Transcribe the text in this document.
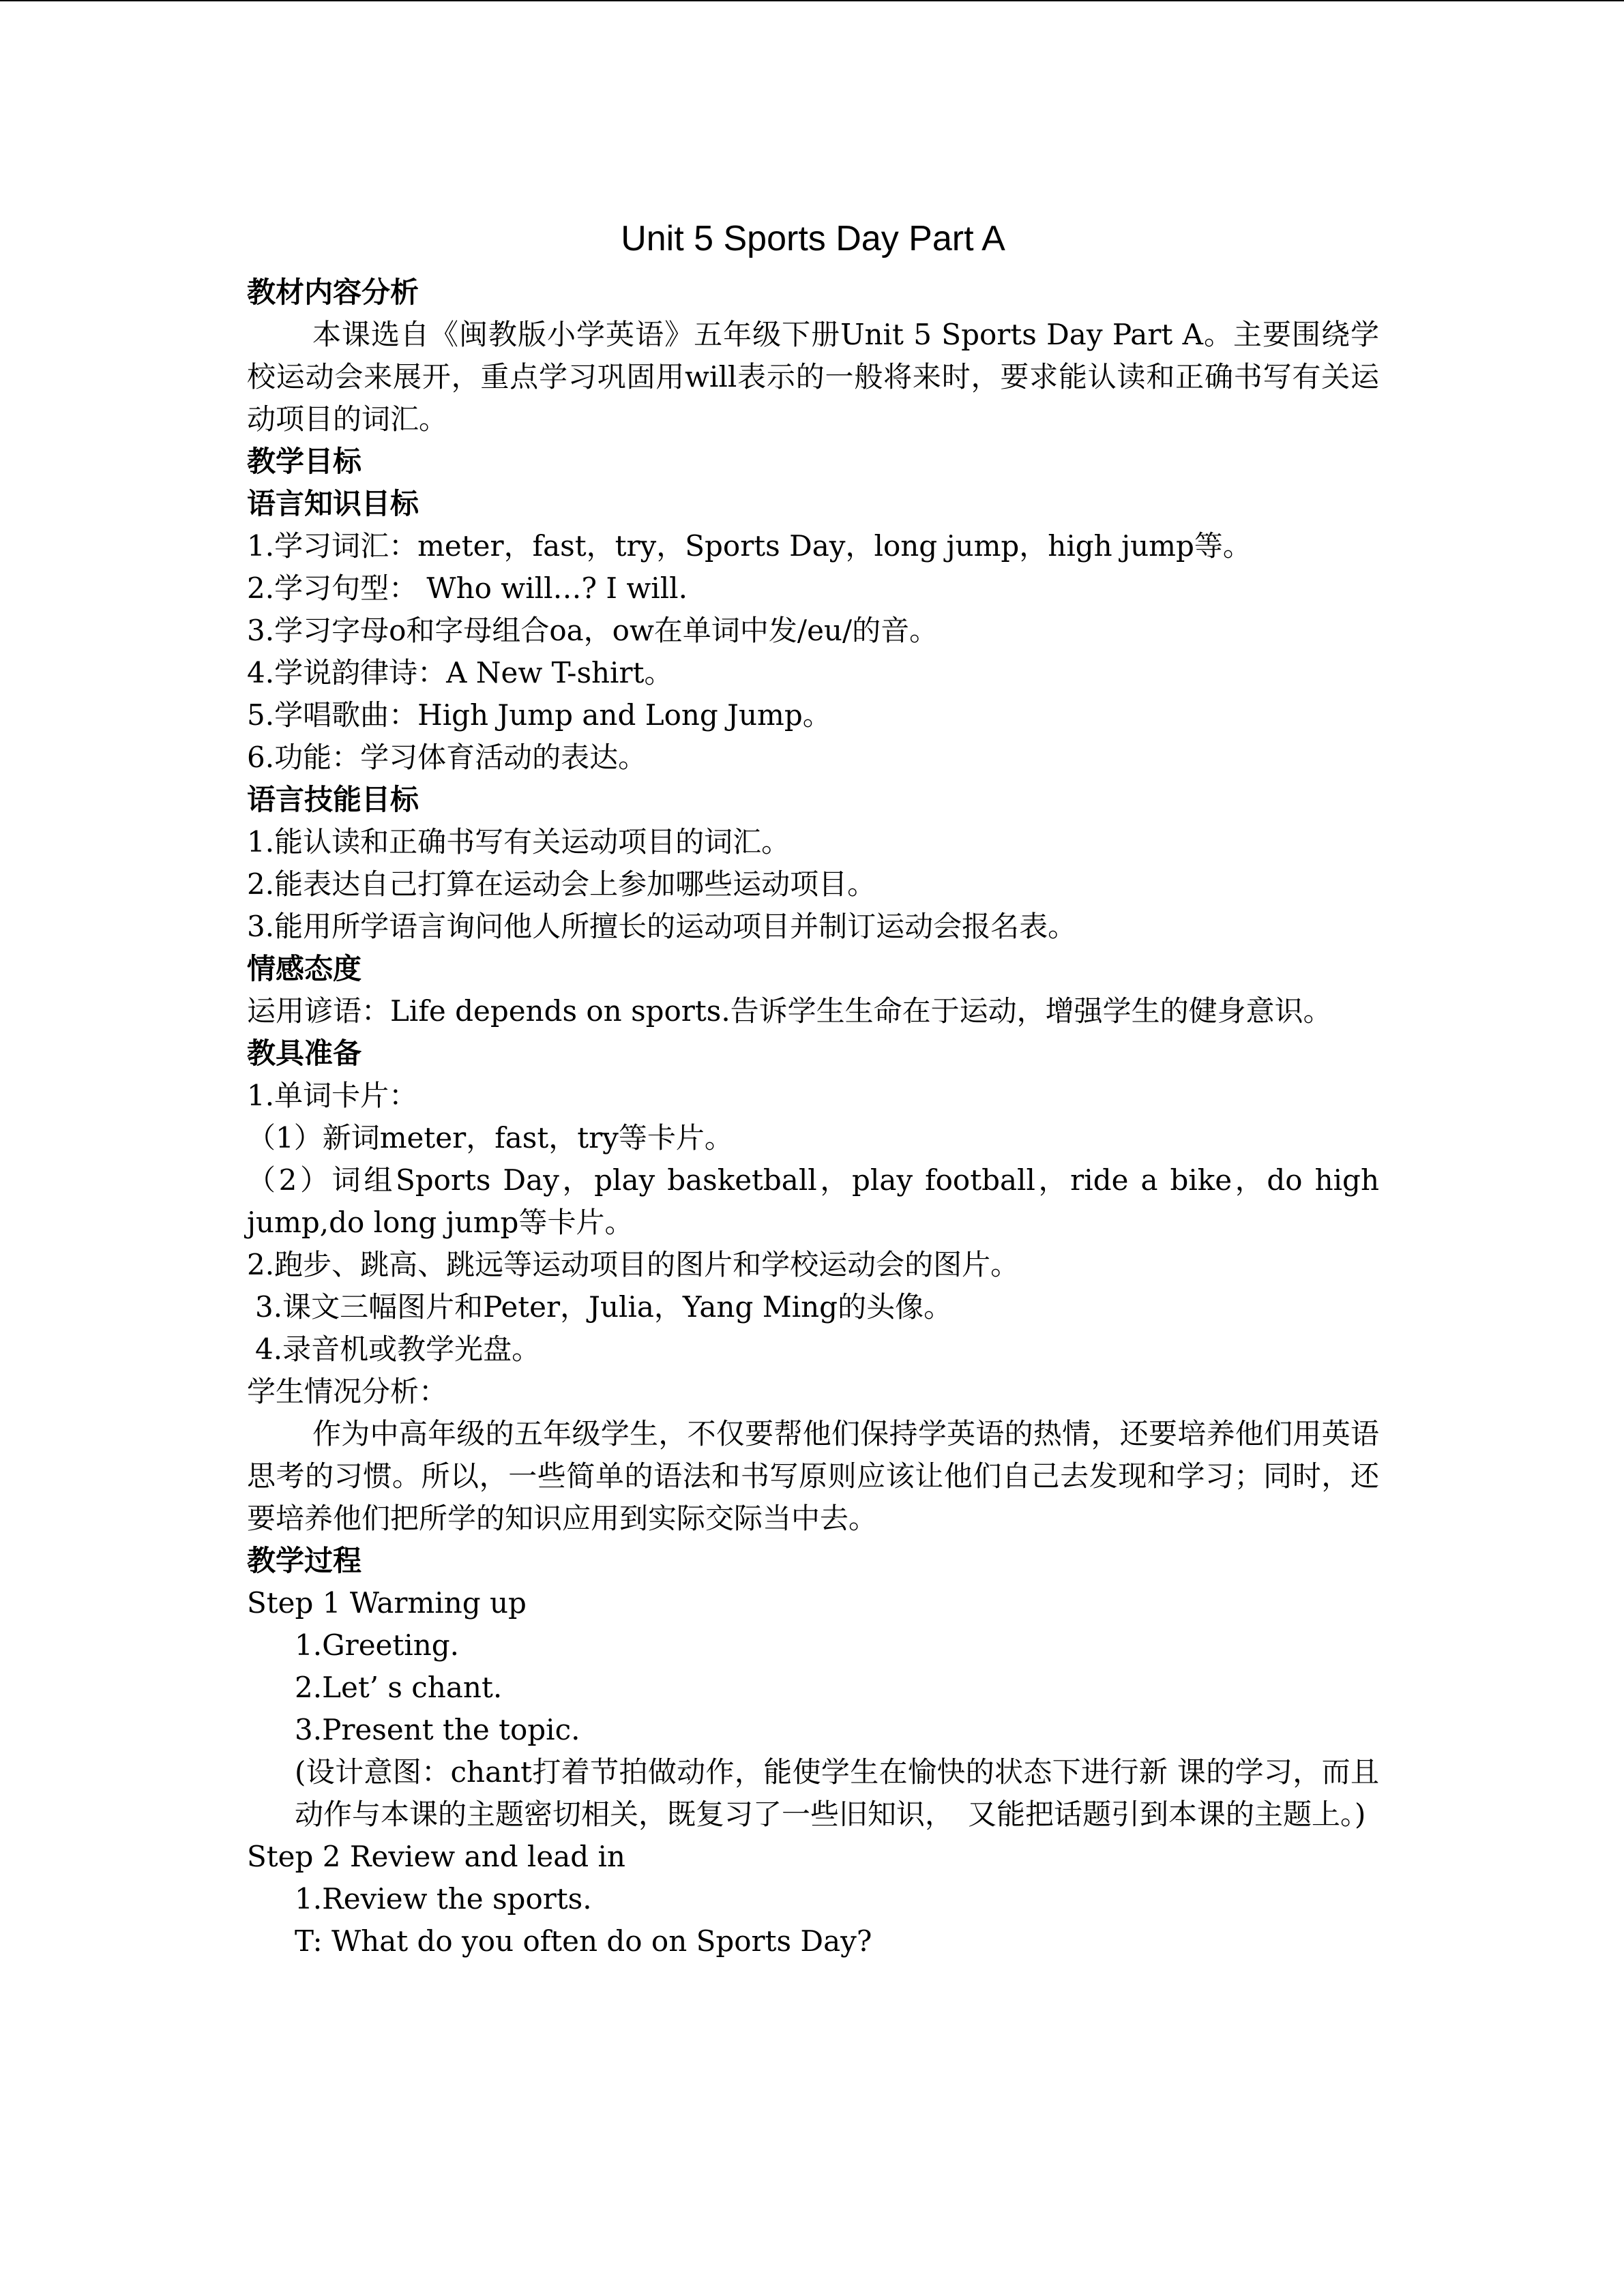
Unit 5 Sports Day Part A
教材内容分析

本课选自《闽教版小学英语》五年级下册Unit 5 Sports Day Part A。主要围绕学校运动会来展开，重点学习巩固用will表示的一般将来时，要求能认读和正确书写有关运动项目的词汇。

教学目标
语言知识目标

1.学习词汇：meter，fast，try，Sports Day，long jump，high jump等。

2.学习句型： Who will…? I will.

3.学习字母o和字母组合oa，ow在单词中发/eu/的音。

4.学说韵律诗：A New T-shirt。

5.学唱歌曲：High Jump and Long Jump。

6.功能：学习体育活动的表达。

语言技能目标

1.能认读和正确书写有关运动项目的词汇。

2.能表达自己打算在运动会上参加哪些运动项目。

3.能用所学语言询问他人所擅长的运动项目并制订运动会报名表。

情感态度

运用谚语：Life depends on sports.告诉学生生命在于运动，增强学生的健身意识。

教具准备

1.单词卡片：

（1）新词meter，fast，try等卡片。

（2）词组Sports Day，play basketball，play football，ride a bike，do high jump,do long jump等卡片。

2.跑步、跳高、跳远等运动项目的图片和学校运动会的图片。

3.课文三幅图片和Peter，Julia，Yang Ming的头像。

4.录音机或教学光盘。

学生情况分析：

作为中高年级的五年级学生，不仅要帮他们保持学英语的热情，还要培养他们用英语思考的习惯。所以，一些简单的语法和书写原则应该让他们自己去发现和学习；同时，还要培养他们把所学的知识应用到实际交际当中去。

教学过程

Step 1 Warming up

1.Greeting.

2.Let’ s chant.

3.Present the topic.

(设计意图：chant打着节拍做动作，能使学生在愉快的状态下进行新 课的学习，而且动作与本课的主题密切相关，既复习了一些旧知识，　又能把话题引到本课的主题上。)

Step 2 Review and lead in

1.Review the sports.

T: What do you often do on Sports Day?
